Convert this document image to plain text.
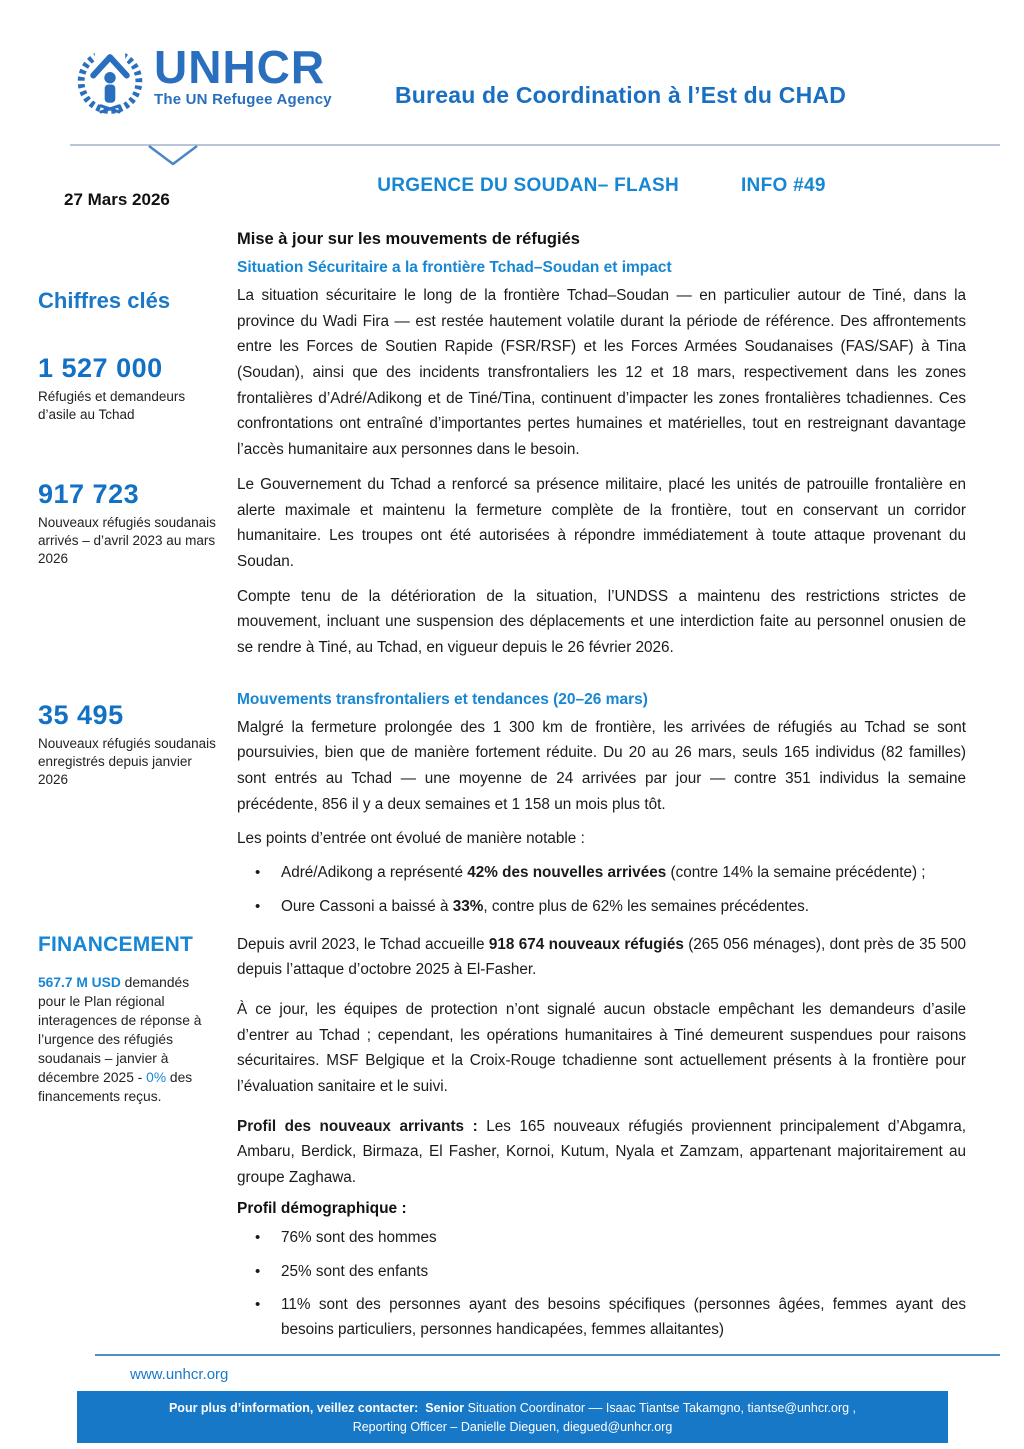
UNHCR
The UN Refugee Agency	Bureau de Coordination à l’Est du CHAD
27 Mars 2026
URGENCE DU SOUDAN– FLASH	INFO #49
Chiffres clés
1 527 000
Réfugiés et demandeurs d’asile au Tchad
917 723
Nouveaux réfugiés soudanais arrivés – d’avril 2023 au mars 2026
35 495
Nouveaux réfugiés soudanais enregistrés depuis janvier 2026
FINANCEMENT
567.7 M USD demandés pour le Plan régional interagences de réponse à l’urgence des réfugiés soudanais – janvier à décembre 2025 - 0% des financements reçus.
Mise à jour sur les mouvements de réfugiés
Situation Sécuritaire a la frontière Tchad–Soudan et impact

La situation sécuritaire le long de la frontière Tchad–Soudan — en particulier autour de Tiné, dans la province du Wadi Fira — est restée hautement volatile durant la période de référence. Des affrontements entre les Forces de Soutien Rapide (FSR/RSF) et les Forces Armées Soudanaises (FAS/SAF) à Tina (Soudan), ainsi que des incidents transfrontaliers les 12 et 18 mars, respectivement dans les zones frontalières d’Adré/Adikong et de Tiné/Tina, continuent d’impacter les zones frontalières tchadiennes. Ces confrontations ont entraîné d’importantes pertes humaines et matérielles, tout en restreignant davantage l’accès humanitaire aux personnes dans le besoin.

Le Gouvernement du Tchad a renforcé sa présence militaire, placé les unités de patrouille frontalière en alerte maximale et maintenu la fermeture complète de la frontière, tout en conservant un corridor humanitaire. Les troupes ont été autorisées à répondre immédiatement à toute attaque provenant du Soudan.

Compte tenu de la détérioration de la situation, l’UNDSS a maintenu des restrictions strictes de mouvement, incluant une suspension des déplacements et une interdiction faite au personnel onusien de se rendre à Tiné, au Tchad, en vigueur depuis le 26 février 2026.

Mouvements transfrontaliers et tendances (20–26 mars)

Malgré la fermeture prolongée des 1 300 km de frontière, les arrivées de réfugiés au Tchad se sont poursuivies, bien que de manière fortement réduite. Du 20 au 26 mars, seuls 165 individus (82 familles) sont entrés au Tchad — une moyenne de 24 arrivées par jour — contre 351 individus la semaine précédente, 856 il y a deux semaines et 1 158 un mois plus tôt.

Les points d’entrée ont évolué de manière notable :

• Adré/Adikong a représenté 42% des nouvelles arrivées (contre 14% la semaine précédente) ;
• Oure Cassoni a baissé à 33%, contre plus de 62% les semaines précédentes.

Depuis avril 2023, le Tchad accueille 918 674 nouveaux réfugiés (265 056 ménages), dont près de 35 500 depuis l’attaque d’octobre 2025 à El-Fasher.

À ce jour, les équipes de protection n’ont signalé aucun obstacle empêchant les demandeurs d’asile d’entrer au Tchad ; cependant, les opérations humanitaires à Tiné demeurent suspendues pour raisons sécuritaires. MSF Belgique et la Croix-Rouge tchadienne sont actuellement présents à la frontière pour l’évaluation sanitaire et le suivi.

Profil des nouveaux arrivants : Les 165 nouveaux réfugiés proviennent principalement d’Abgamra, Ambaru, Berdick, Birmaza, El Fasher, Kornoi, Kutum, Nyala et Zamzam, appartenant majoritairement au groupe Zaghawa.

Profil démographique :
• 76% sont des hommes
• 25% sont des enfants
• 11% sont des personnes ayant des besoins spécifiques (personnes âgées, femmes ayant des besoins particuliers, personnes handicapées, femmes allaitantes)
www.unhcr.org
Pour plus d’information, veillez contacter: Senior Situation Coordinator –– Isaac Tiantse Takamgno, tiantse@unhcr.org ,
Reporting Officer – Danielle Dieguen, diegued@unhcr.org
